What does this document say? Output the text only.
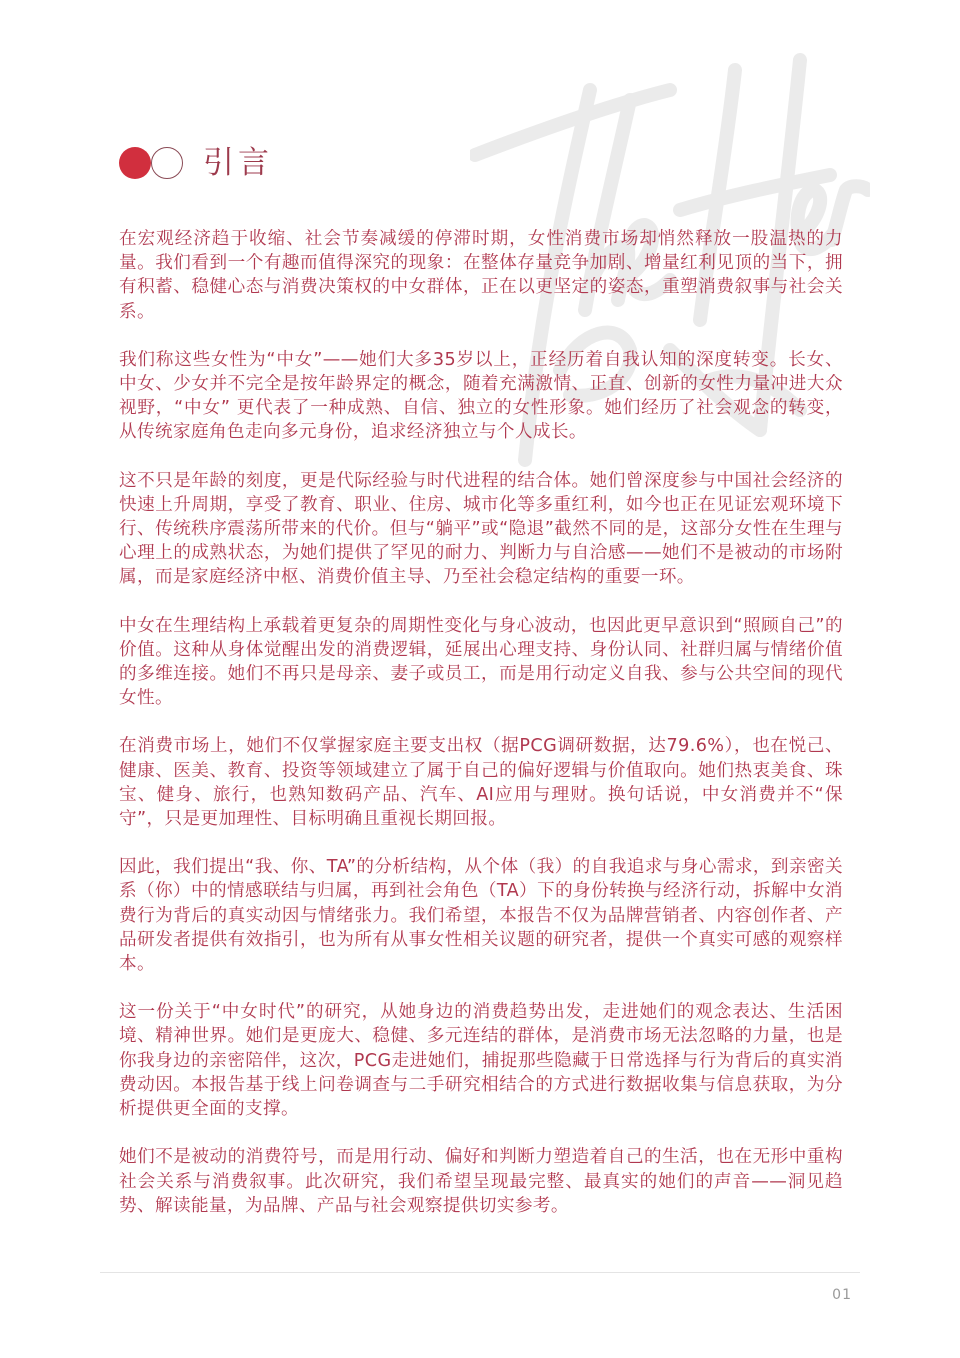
引言

在宏观经济趋于收缩、社会节奏减缓的停滞时期，女性消费市场却悄然释放一股温热的力量。我们看到一个有趣而值得深究的现象：在整体存量竞争加剧、增量红利见顶的当下，拥有积蓄、稳健心态与消费决策权的中女群体，正在以更坚定的姿态，重塑消费叙事与社会关系。

我们称这些女性为“中女”——她们大多35岁以上，正经历着自我认知的深度转变。长女、中女、少女并不完全是按年龄界定的概念，随着充满激情、正直、创新的女性力量冲进大众视野，“中女” 更代表了一种成熟、自信、独立的女性形象。她们经历了社会观念的转变，从传统家庭角色走向多元身份，追求经济独立与个人成长。

这不只是年龄的刻度，更是代际经验与时代进程的结合体。她们曾深度参与中国社会经济的快速上升周期，享受了教育、职业、住房、城市化等多重红利，如今也正在见证宏观环境下行、传统秩序震荡所带来的代价。但与“躺平”或“隐退”截然不同的是，这部分女性在生理与心理上的成熟状态，为她们提供了罕见的耐力、判断力与自洽感——她们不是被动的市场附属，而是家庭经济中枢、消费价值主导、乃至社会稳定结构的重要一环。

中女在生理结构上承载着更复杂的周期性变化与身心波动，也因此更早意识到“照顾自己”的价值。这种从身体觉醒出发的消费逻辑，延展出心理支持、身份认同、社群归属与情绪价值的多维连接。她们不再只是母亲、妻子或员工，而是用行动定义自我、参与公共空间的现代女性。

在消费市场上，她们不仅掌握家庭主要支出权（据PCG调研数据，达79.6%），也在悦己、健康、医美、教育、投资等领域建立了属于自己的偏好逻辑与价值取向。她们热衷美食、珠宝、健身、旅行，也熟知数码产品、汽车、AI应用与理财。换句话说，中女消费并不“保守”，只是更加理性、目标明确且重视长期回报。

因此，我们提出“我、你、TA”的分析结构，从个体（我）的自我追求与身心需求，到亲密关系（你）中的情感联结与归属，再到社会角色（TA）下的身份转换与经济行动，拆解中女消费行为背后的真实动因与情绪张力。我们希望，本报告不仅为品牌营销者、内容创作者、产品研发者提供有效指引，也为所有从事女性相关议题的研究者，提供一个真实可感的观察样本。

这一份关于“中女时代”的研究，从她身边的消费趋势出发，走进她们的观念表达、生活困境、精神世界。她们是更庞大、稳健、多元连结的群体，是消费市场无法忽略的力量，也是你我身边的亲密陪伴，这次，PCG走进她们，捕捉那些隐藏于日常选择与行为背后的真实消费动因。本报告基于线上问卷调查与二手研究相结合的方式进行数据收集与信息获取，为分析提供更全面的支撑。

她们不是被动的消费符号，而是用行动、偏好和判断力塑造着自己的生活，也在无形中重构社会关系与消费叙事。此次研究，我们希望呈现最完整、最真实的她们的声音——洞见趋势、解读能量，为品牌、产品与社会观察提供切实参考。

01
